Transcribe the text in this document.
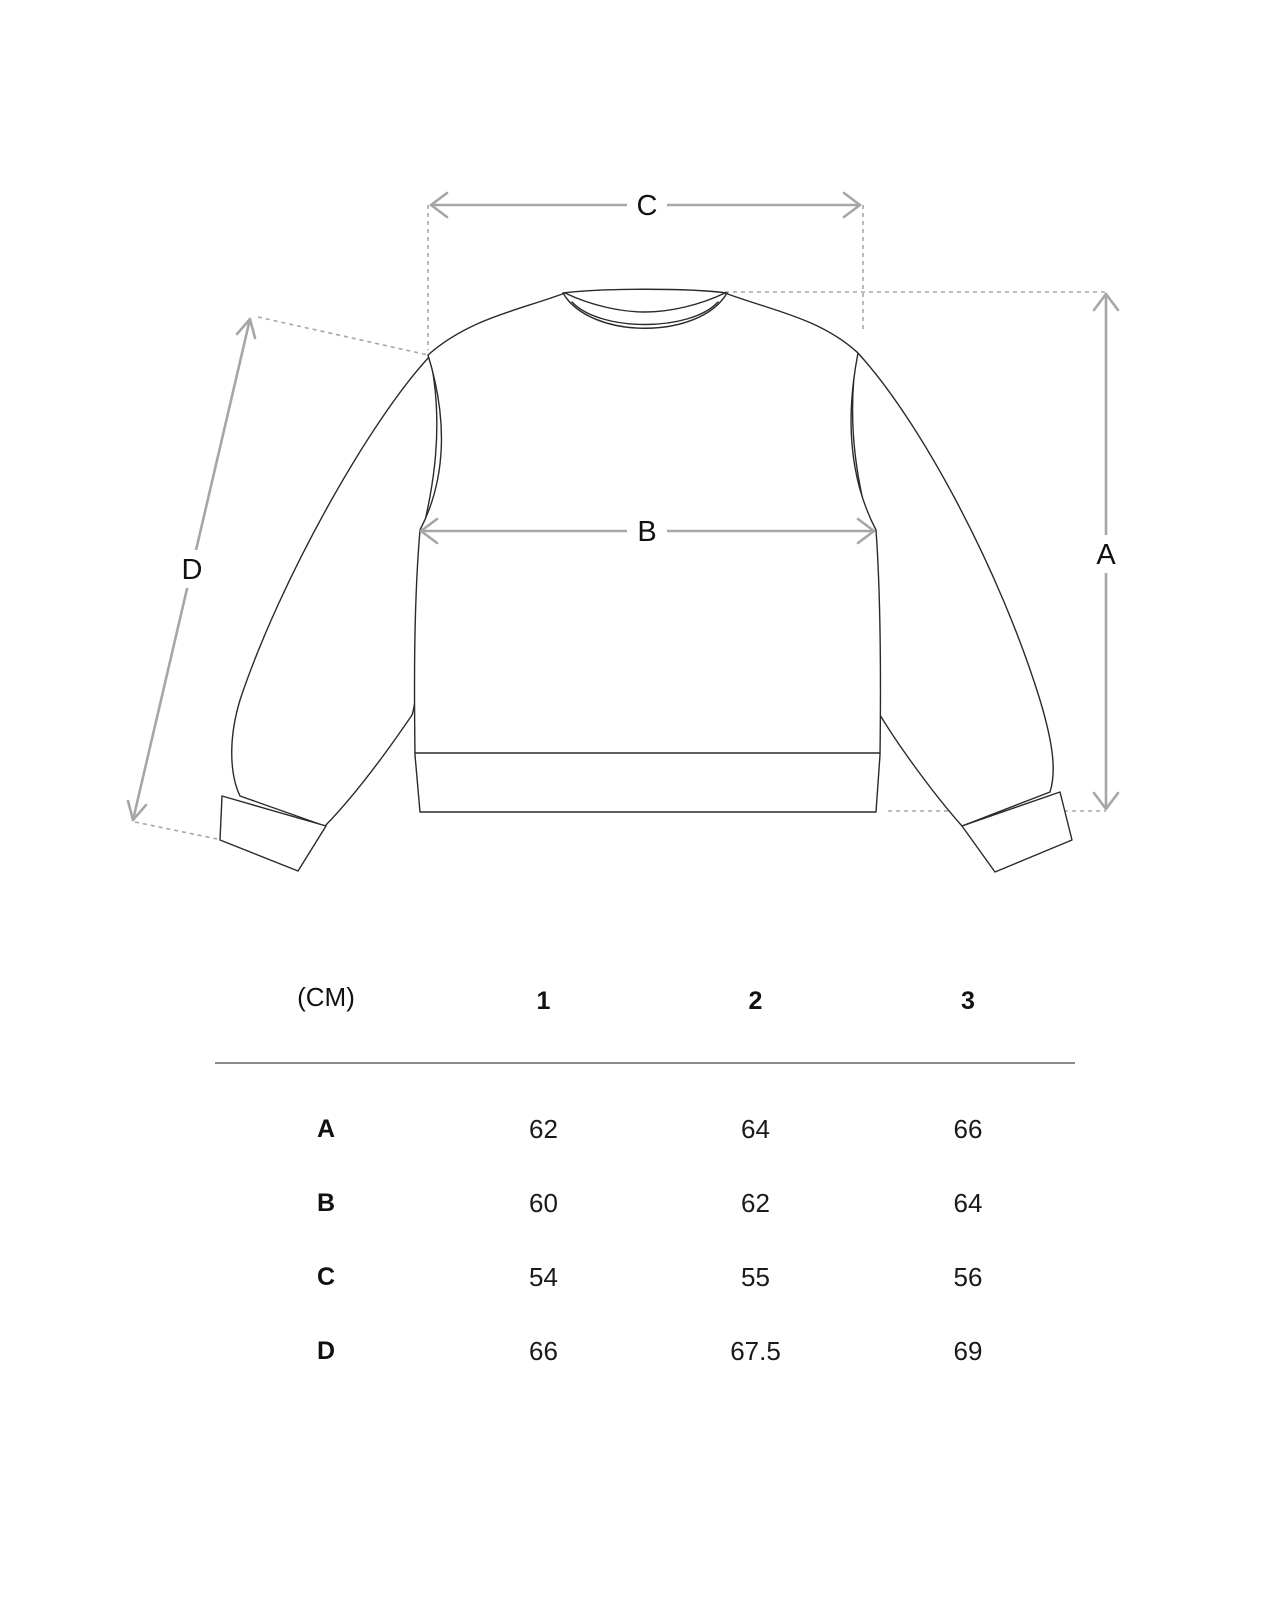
C
B
A
D
(CM)	1	2	3
A	62	64	66
B	60	62	64
C	54	55	56
D	66	67.5	69
